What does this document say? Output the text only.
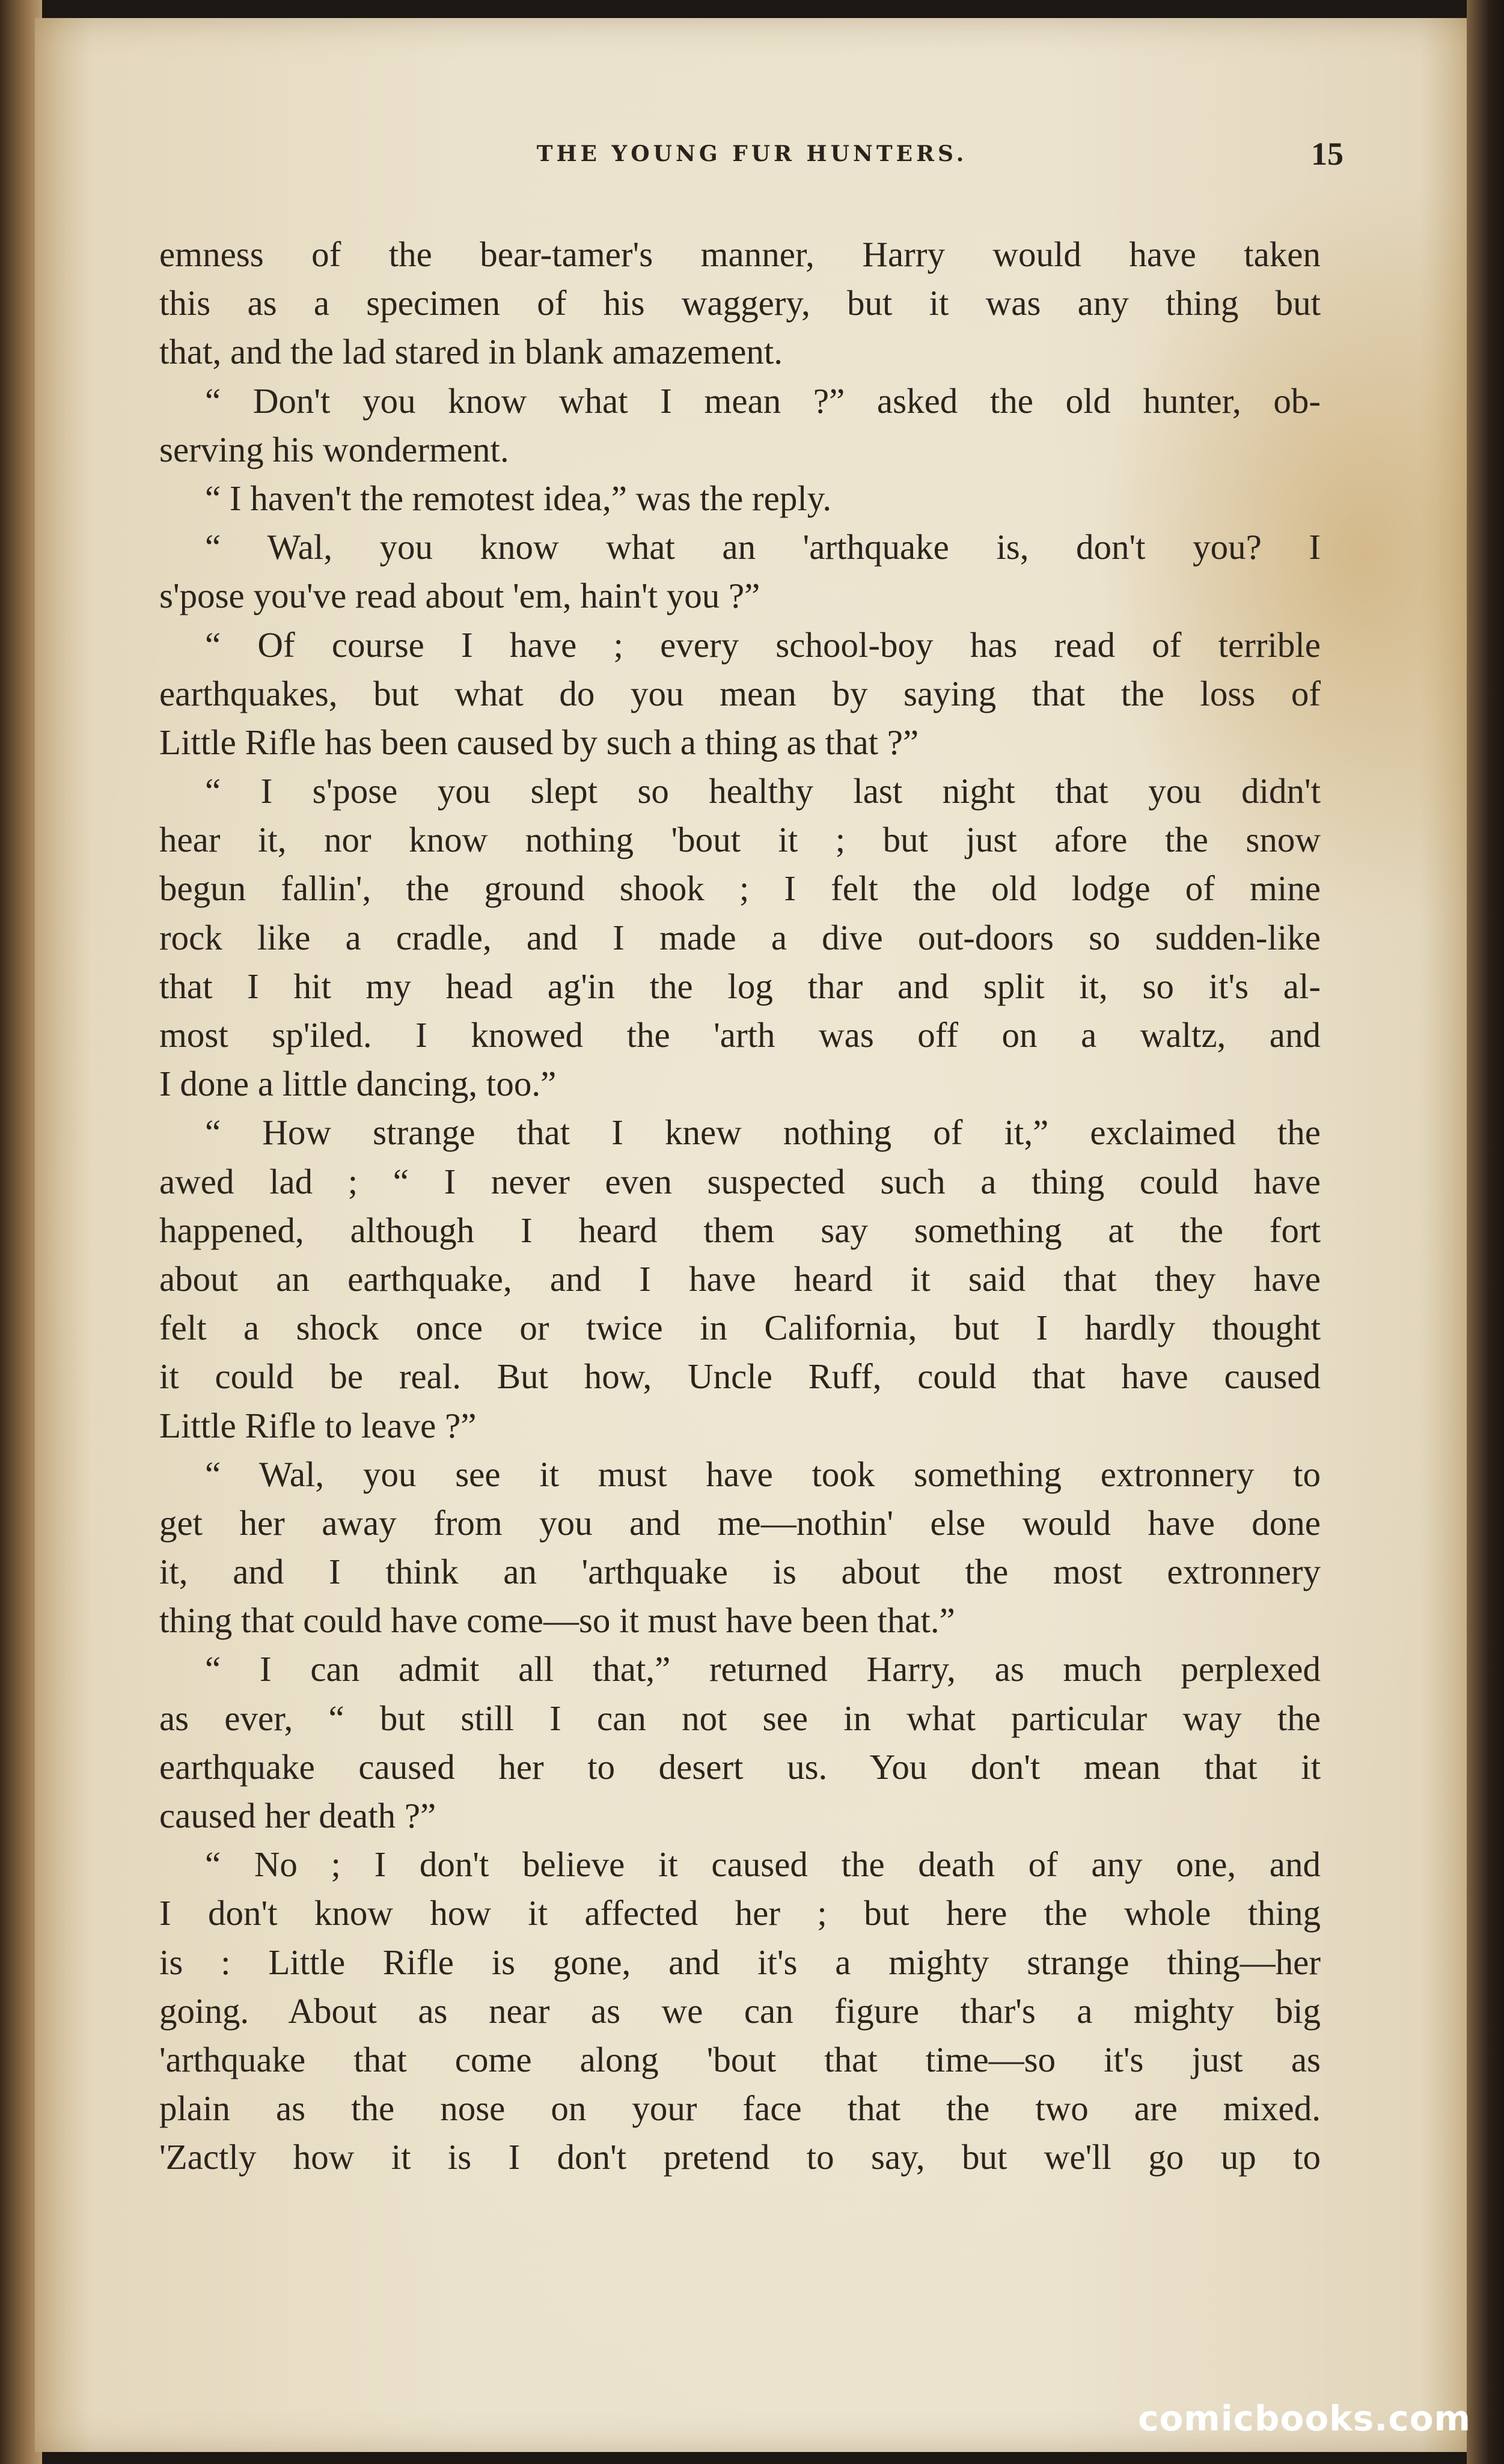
THE YOUNG FUR HUNTERS.	15
emness of the bear-tamer's manner, Harry would have taken
this as a specimen of his waggery, but it was any thing but
that, and the lad stared in blank amazement.
“ Don't you know what I mean ?” asked the old hunter, ob-
serving his wonderment.
“ I haven't the remotest idea,” was the reply.
“ Wal, you know what an 'arthquake is, don't you? I
s'pose you've read about 'em, hain't you ?”
“ Of course I have ; every school-boy has read of terrible
earthquakes, but what do you mean by saying that the loss of
Little Rifle has been caused by such a thing as that ?”
“ I s'pose you slept so healthy last night that you didn't
hear it, nor know nothing 'bout it ; but just afore the snow
begun fallin', the ground shook ; I felt the old lodge of mine
rock like a cradle, and I made a dive out-doors so sudden-like
that I hit my head ag'in the log thar and split it, so it's al-
most sp'iled. I knowed the 'arth was off on a waltz, and
I done a little dancing, too.”
“ How strange that I knew nothing of it,” exclaimed the
awed lad ; “ I never even suspected such a thing could have
happened, although I heard them say something at the fort
about an earthquake, and I have heard it said that they have
felt a shock once or twice in California, but I hardly thought
it could be real. But how, Uncle Ruff, could that have caused
Little Rifle to leave ?”
“ Wal, you see it must have took something extronnery to
get her away from you and me—nothin' else would have done
it, and I think an 'arthquake is about the most extronnery
thing that could have come—so it must have been that.”
“ I can admit all that,” returned Harry, as much perplexed
as ever, “ but still I can not see in what particular way the
earthquake caused her to desert us. You don't mean that it
caused her death ?”
“ No ; I don't believe it caused the death of any one, and
I don't know how it affected her ; but here the whole thing
is : Little Rifle is gone, and it's a mighty strange thing—her
going. About as near as we can figure thar's a mighty big
'arthquake that come along 'bout that time—so it's just as
plain as the nose on your face that the two are mixed.
'Zactly how it is I don't pretend to say, but we'll go up to
comicbooks.com
